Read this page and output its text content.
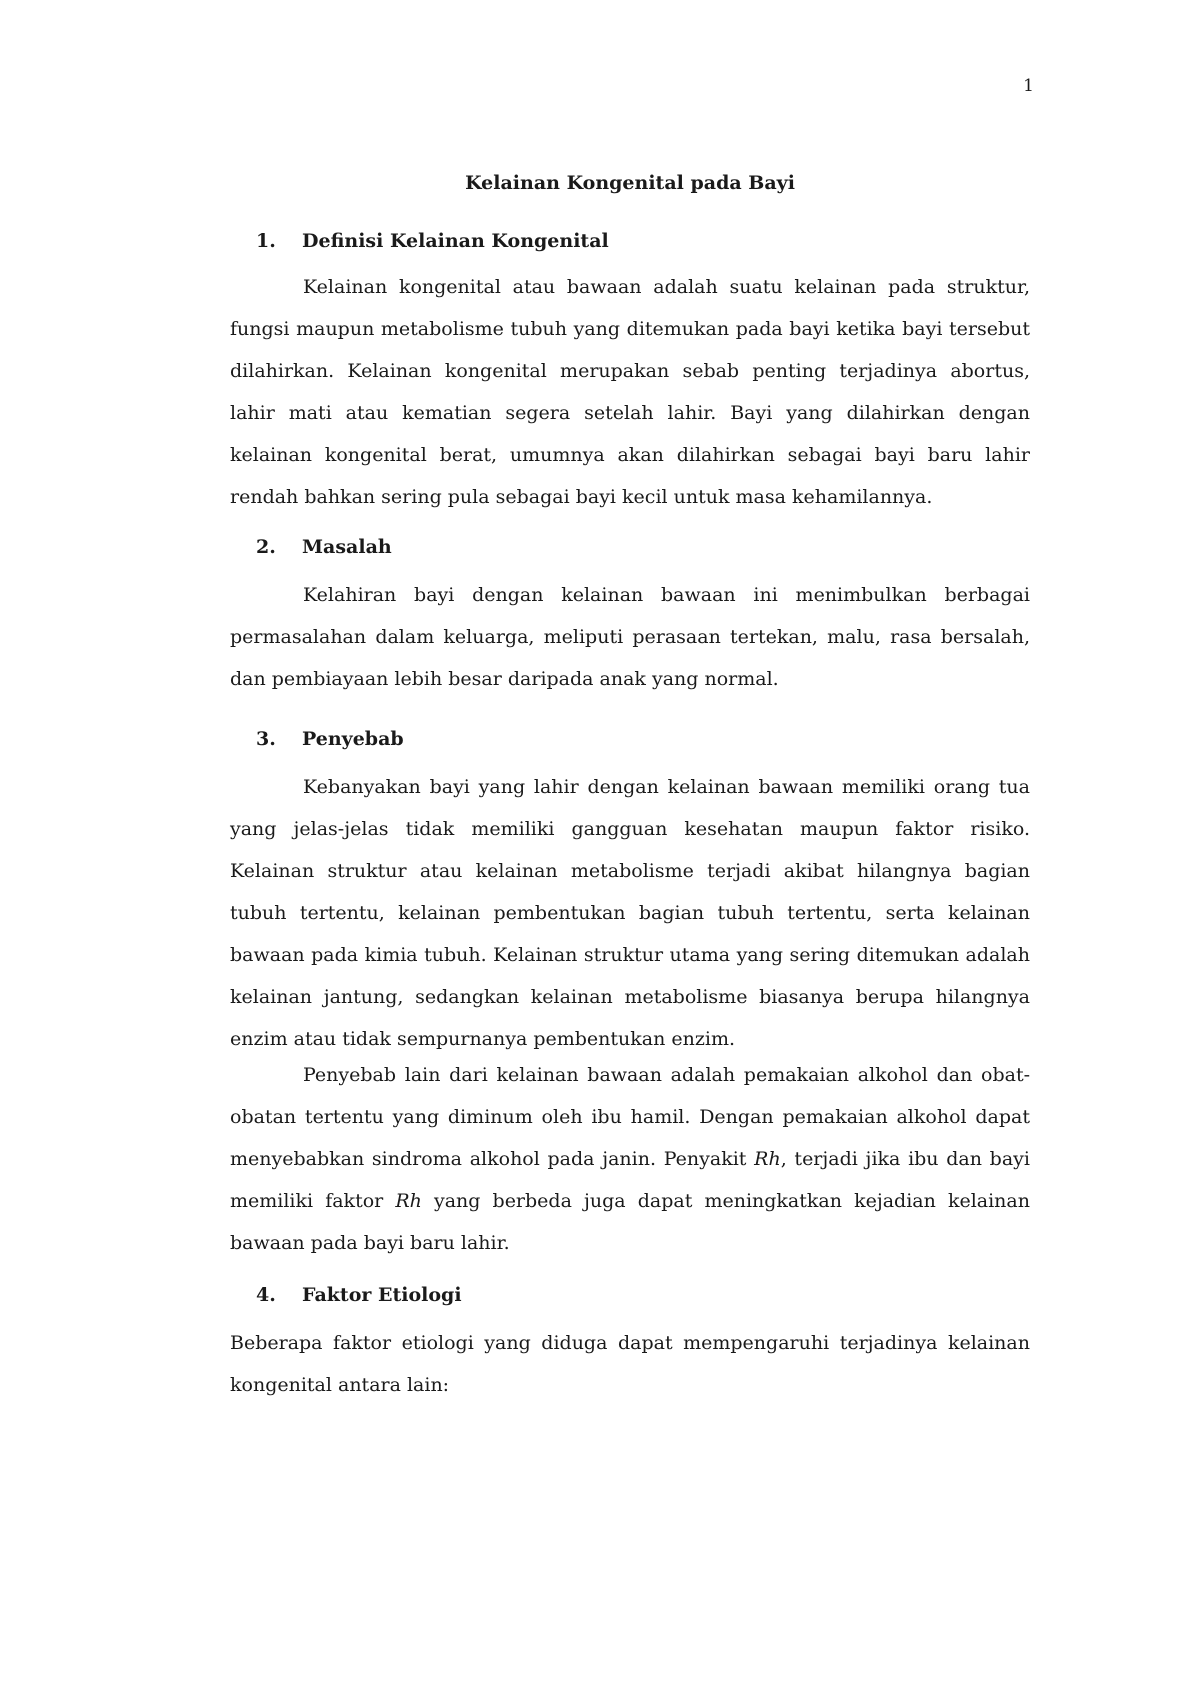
1
Kelainan Kongenital pada Bayi
1. Definisi Kelainan Kongenital

Kelainan kongenital atau bawaan adalah suatu kelainan pada struktur, fungsi maupun metabolisme tubuh yang ditemukan pada bayi ketika bayi tersebut dilahirkan. Kelainan kongenital merupakan sebab penting terjadinya abortus, lahir mati atau kematian segera setelah lahir. Bayi yang dilahirkan dengan kelainan kongenital berat, umumnya akan dilahirkan sebagai bayi baru lahir rendah bahkan sering pula sebagai bayi kecil untuk masa kehamilannya.

2. Masalah

Kelahiran bayi dengan kelainan bawaan ini menimbulkan berbagai permasalahan dalam keluarga, meliputi perasaan tertekan, malu, rasa bersalah, dan pembiayaan lebih besar daripada anak yang normal.

3. Penyebab

Kebanyakan bayi yang lahir dengan kelainan bawaan memiliki orang tua yang jelas-jelas tidak memiliki gangguan kesehatan maupun faktor risiko. Kelainan struktur atau kelainan metabolisme terjadi akibat hilangnya bagian tubuh tertentu, kelainan pembentukan bagian tubuh tertentu, serta kelainan bawaan pada kimia tubuh. Kelainan struktur utama yang sering ditemukan adalah kelainan jantung, sedangkan kelainan metabolisme biasanya berupa hilangnya enzim atau tidak sempurnanya pembentukan enzim.

Penyebab lain dari kelainan bawaan adalah pemakaian alkohol dan obat-obatan tertentu yang diminum oleh ibu hamil. Dengan pemakaian alkohol dapat menyebabkan sindroma alkohol pada janin. Penyakit Rh, terjadi jika ibu dan bayi memiliki faktor Rh yang berbeda juga dapat meningkatkan kejadian kelainan bawaan pada bayi baru lahir.

4. Faktor Etiologi

Beberapa faktor etiologi yang diduga dapat mempengaruhi terjadinya kelainan kongenital antara lain:
